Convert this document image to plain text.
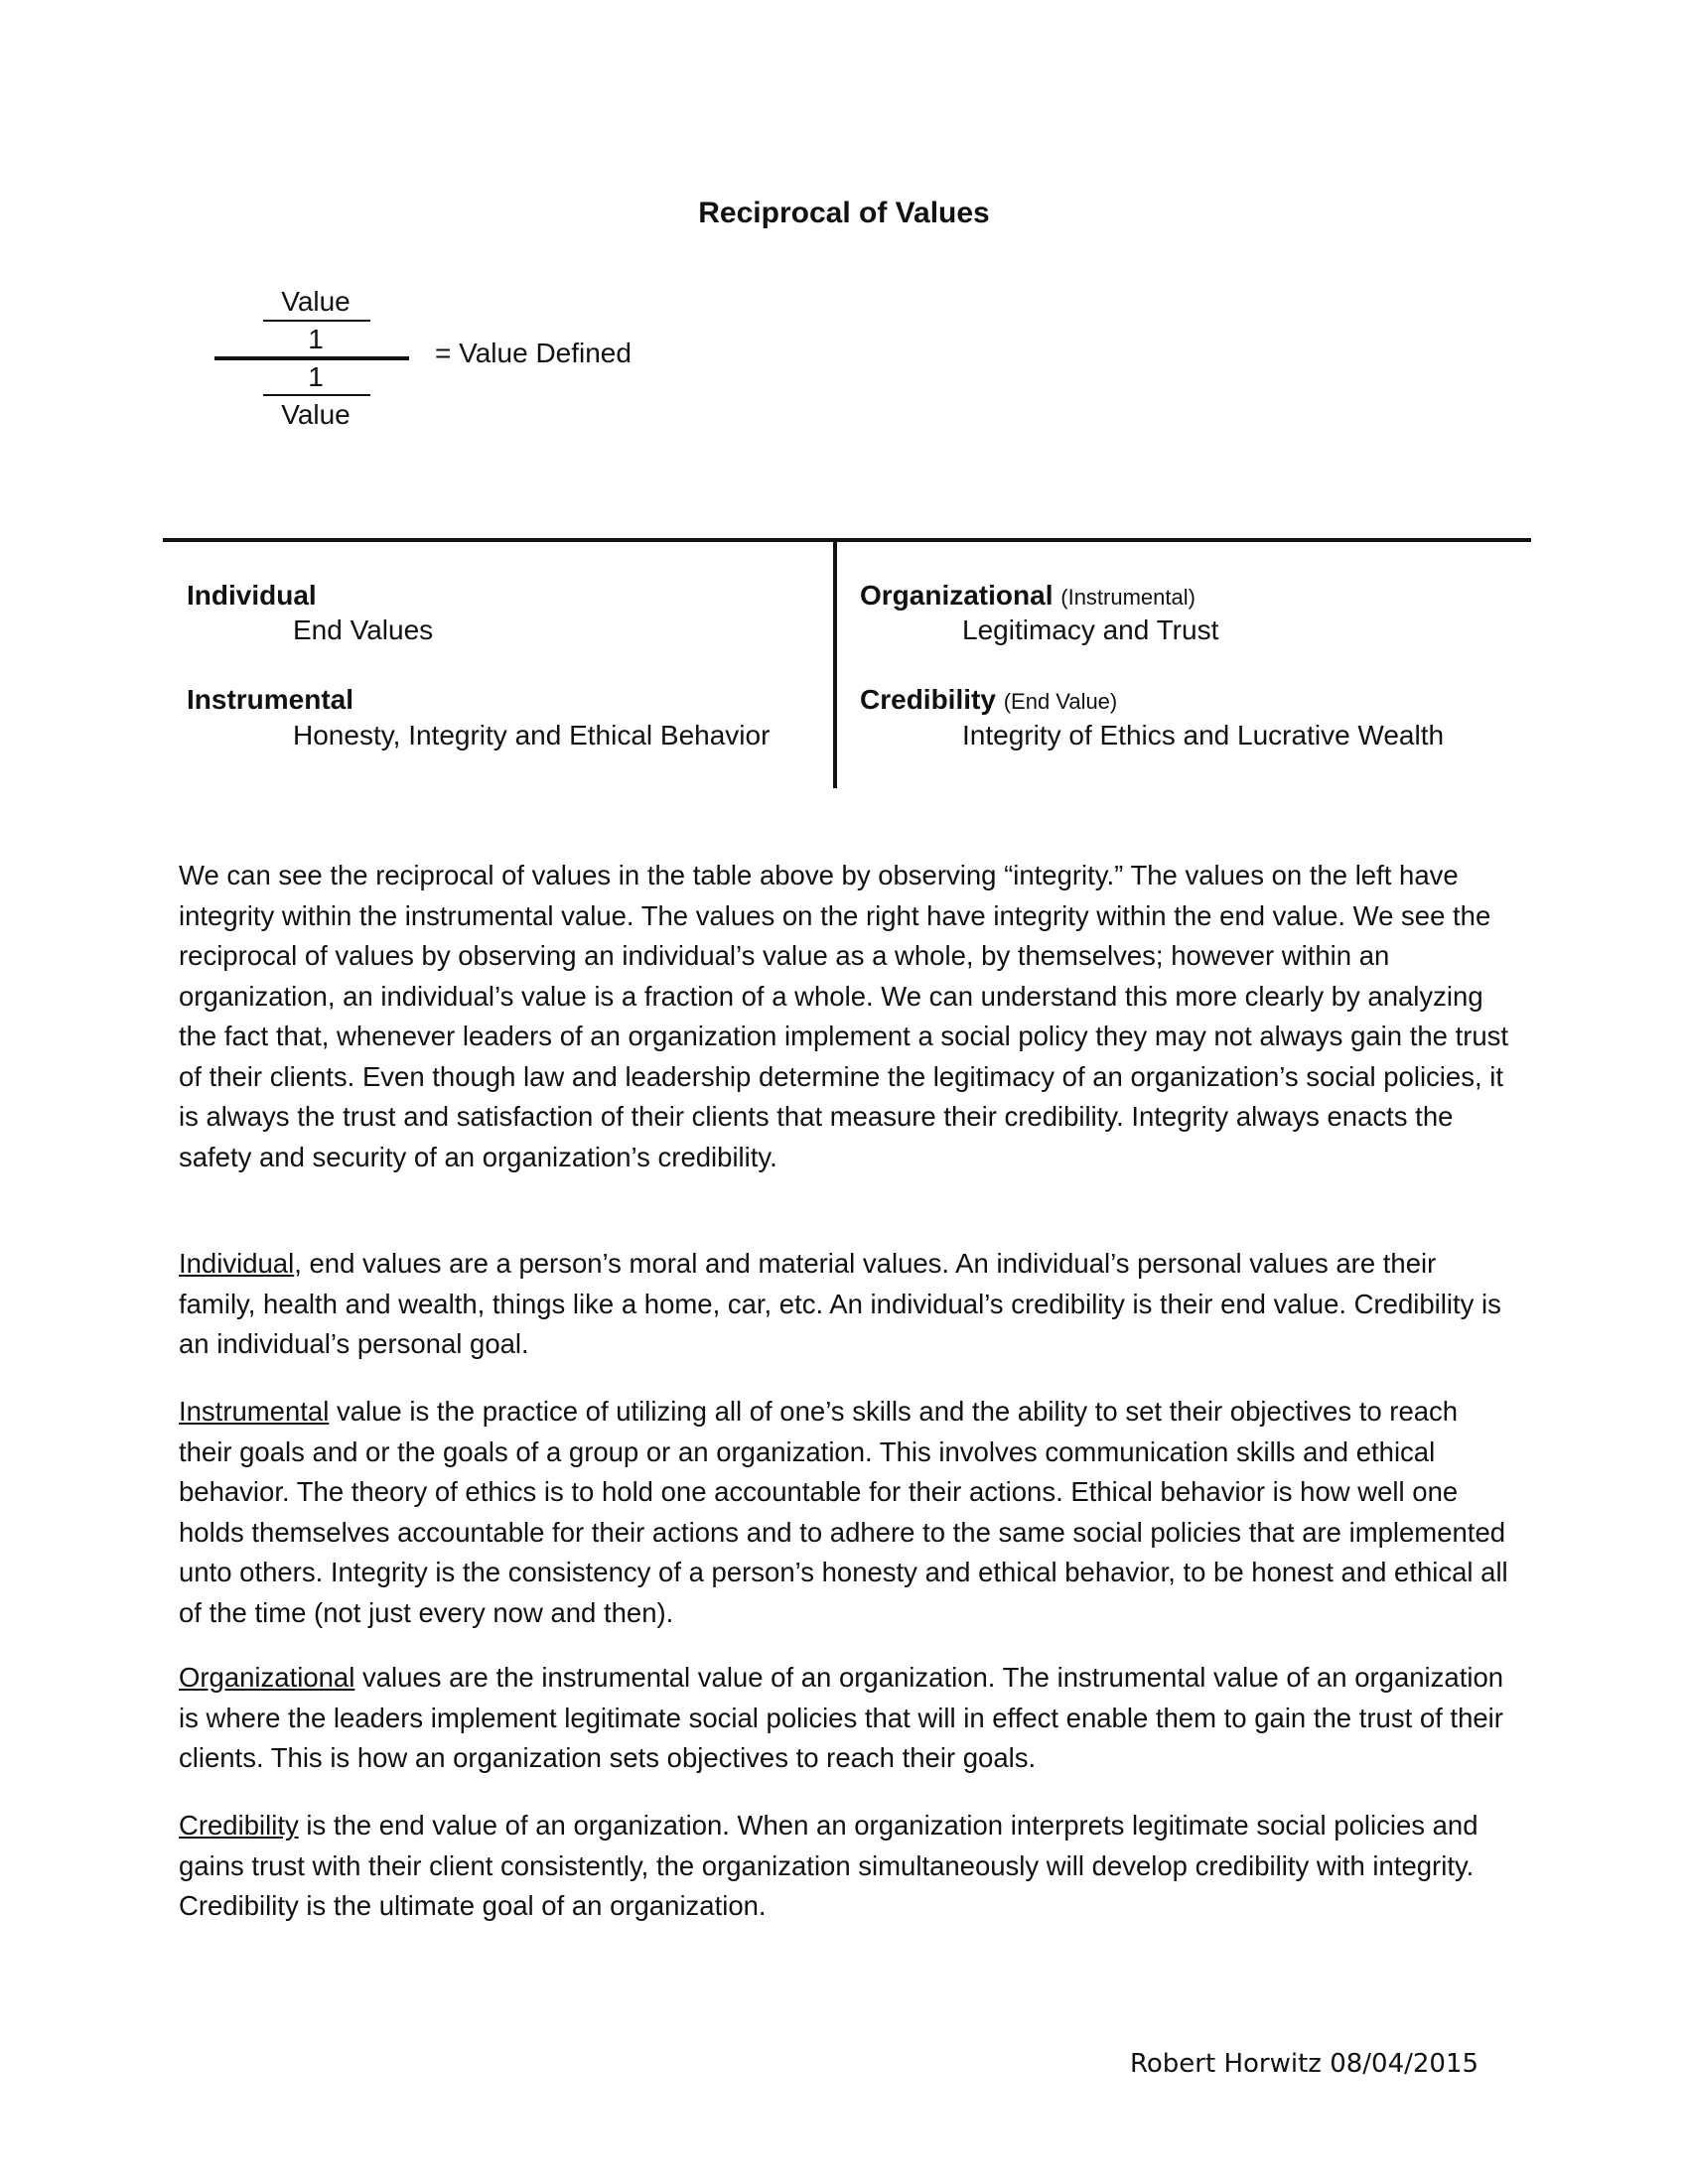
Reciprocal of Values
Value
1
1
Value
= Value Defined
Individual
End Values
Instrumental
Honesty, Integrity and Ethical Behavior
Organizational (Instrumental)
Legitimacy and Trust
Credibility (End Value)
Integrity of Ethics and Lucrative Wealth

We can see the reciprocal of values in the table above by observing “integrity.” The values on the left have integrity within the instrumental value. The values on the right have integrity within the end value. We see the reciprocal of values by observing an individual’s value as a whole, by themselves; however within an organization, an individual’s value is a fraction of a whole. We can understand this more clearly by analyzing the fact that, whenever leaders of an organization implement a social policy they may not always gain the trust of their clients. Even though law and leadership determine the legitimacy of an organization’s social policies, it is always the trust and satisfaction of their clients that measure their credibility. Integrity always enacts the safety and security of an organization’s credibility.

Individual, end values are a person’s moral and material values. An individual’s personal values are their family, health and wealth, things like a home, car, etc. An individual’s credibility is their end value. Credibility is an individual’s personal goal.

Instrumental value is the practice of utilizing all of one’s skills and the ability to set their objectives to reach their goals and or the goals of a group or an organization. This involves communication skills and ethical behavior. The theory of ethics is to hold one accountable for their actions. Ethical behavior is how well one holds themselves accountable for their actions and to adhere to the same social policies that are implemented unto others. Integrity is the consistency of a person’s honesty and ethical behavior, to be honest and ethical all of the time (not just every now and then).

Organizational values are the instrumental value of an organization. The instrumental value of an organization is where the leaders implement legitimate social policies that will in effect enable them to gain the trust of their clients. This is how an organization sets objectives to reach their goals.

Credibility is the end value of an organization. When an organization interprets legitimate social policies and gains trust with their client consistently, the organization simultaneously will develop credibility with integrity. Credibility is the ultimate goal of an organization.

Robert Horwitz 08/04/2015
